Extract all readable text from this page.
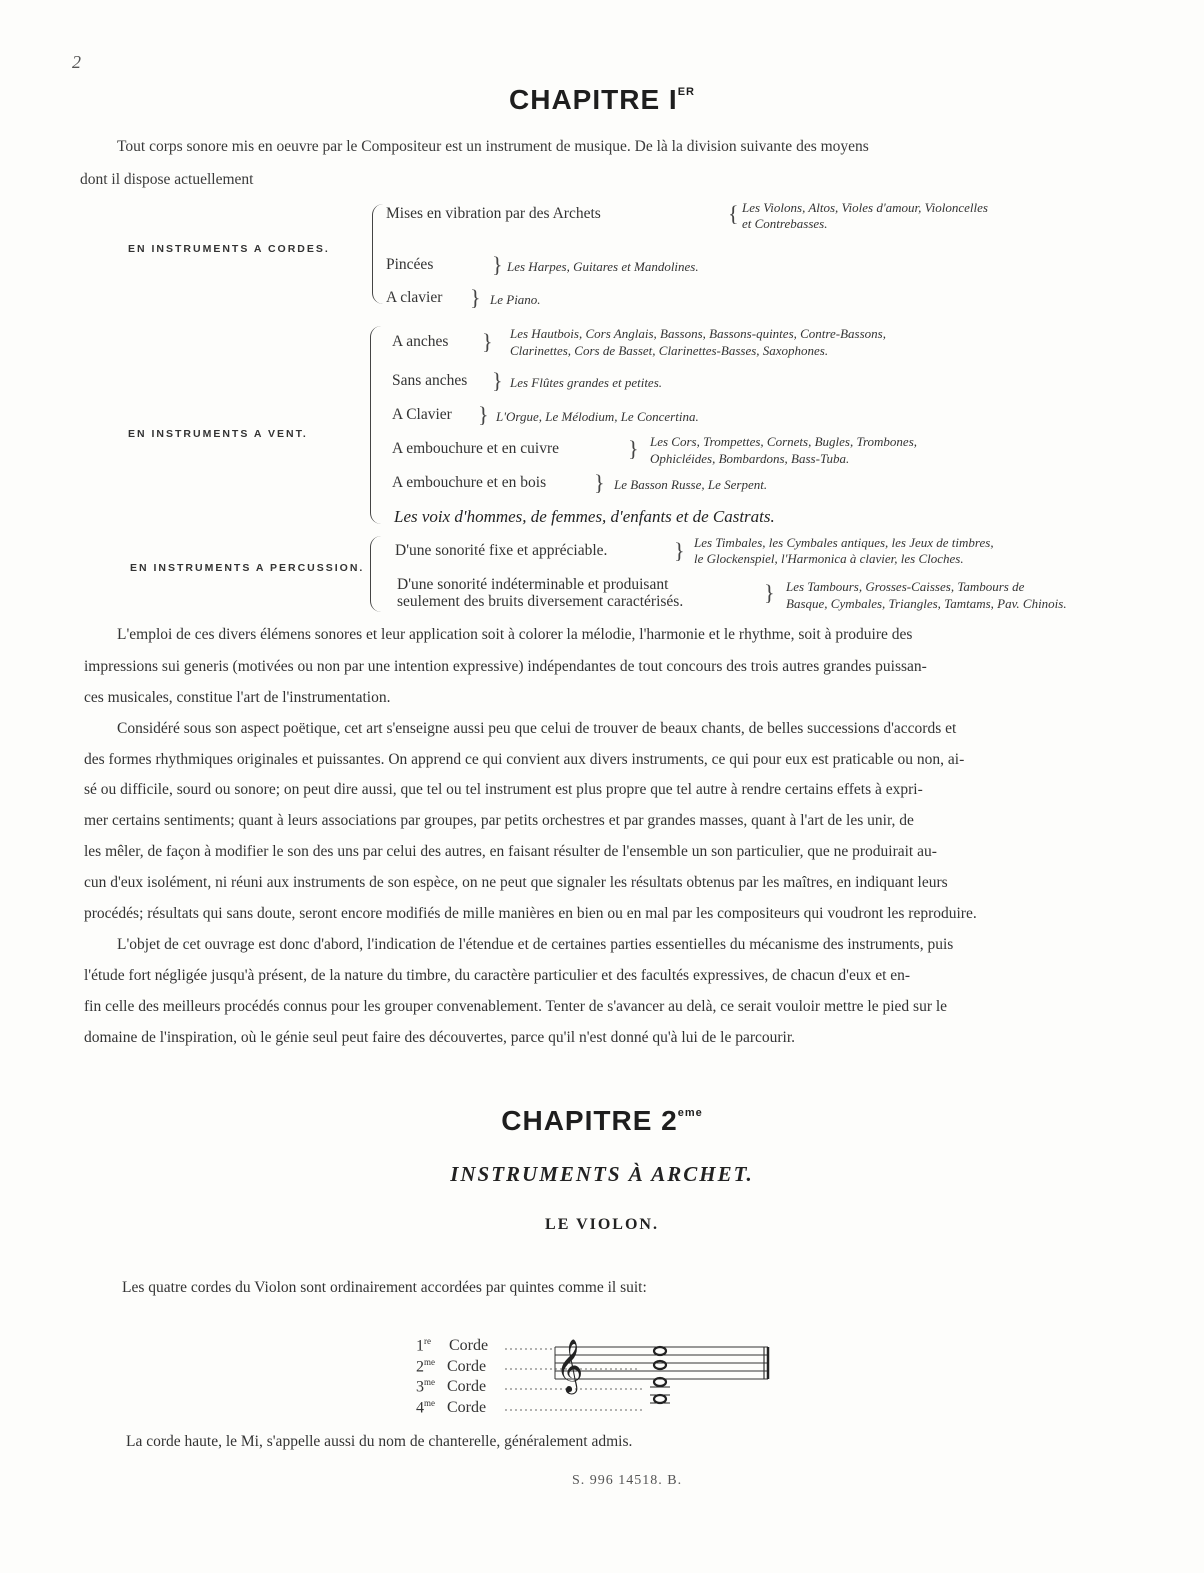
2
CHAPITRE IER
Tout corps sonore mis en oeuvre par le Compositeur est un instrument de musique. De là la division suivante des moyens
dont il dispose actuellement
EN INSTRUMENTS A CORDES.
Mises en vibration par des Archets	{ Les Violons, Altos, Violes d'amour, Violoncelles
et Contrebasses.
Pincées	} Les Harpes, Guitares et Mandolines.
A clavier } Le Piano.
EN INSTRUMENTS A VENT.
A anches } Les Hautbois, Cors Anglais, Bassons, Bassons-quintes, Contre-Bassons,
Clarinettes, Cors de Basset, Clarinettes-Basses, Saxophones.
Sans anches } Les Flûtes grandes et petites.
A Clavier } L'Orgue, Le Mélodium, Le Concertina.
A embouchure et en cuivre	} Les Cors, Trompettes, Cornets, Bugles, Trombones,
Ophicléides, Bombardons, Bass-Tuba.
A embouchure et en bois } Le Basson Russe, Le Serpent.
Les voix d'hommes, de femmes, d'enfants et de Castrats.
EN INSTRUMENTS A PERCUSSION.
D'une sonorité fixe et appréciable.	} Les Timbales, les Cymbales antiques, les Jeux de timbres,
le Glockenspiel, l'Harmonica à clavier, les Cloches.
D'une sonorité indéterminable et produisant
seulement des bruits diversement caractérisés.	} Les Tambours, Grosses-Caisses, Tambours de
Basque, Cymbales, Triangles, Tamtams, Pav. Chinois.
L'emploi de ces divers élémens sonores et leur application soit à colorer la mélodie, l'harmonie et le rhythme, soit à produire des
impressions sui generis (motivées ou non par une intention expressive) indépendantes de tout concours des trois autres grandes puissan-
ces musicales, constitue l'art de l'instrumentation.
Considéré sous son aspect poëtique, cet art s'enseigne aussi peu que celui de trouver de beaux chants, de belles successions d'accords et
des formes rhythmiques originales et puissantes. On apprend ce qui convient aux divers instruments, ce qui pour eux est praticable ou non, ai-
sé ou difficile, sourd ou sonore; on peut dire aussi, que tel ou tel instrument est plus propre que tel autre à rendre certains effets à expri-
mer certains sentiments; quant à leurs associations par groupes, par petits orchestres et par grandes masses, quant à l'art de les unir, de
les mêler, de façon à modifier le son des uns par celui des autres, en faisant résulter de l'ensemble un son particulier, que ne produirait au-
cun d'eux isolément, ni réuni aux instruments de son espèce, on ne peut que signaler les résultats obtenus par les maîtres, en indiquant leurs
procédés; résultats qui sans doute, seront encore modifiés de mille manières en bien ou en mal par les compositeurs qui voudront les reproduire.
L'objet de cet ouvrage est donc d'abord, l'indication de l'étendue et de certaines parties essentielles du mécanisme des instruments, puis
l'étude fort négligée jusqu'à présent, de la nature du timbre, du caractère particulier et des facultés expressives, de chacun d'eux et en-
fin celle des meilleurs procédés connus pour les grouper convenablement. Tenter de s'avancer au delà, ce serait vouloir mettre le pied sur le
domaine de l'inspiration, où le génie seul peut faire des découvertes, parce qu'il n'est donné qu'à lui de le parcourir.
CHAPITRE 2eme
INSTRUMENTS À ARCHET.
LE VIOLON.
Les quatre cordes du Violon sont ordinairement accordées par quintes comme il suit:
1re Corde
$2^{me}$ Corde
$3^{me}$ Corde
$4^{me}$ Corde
𝄞
La corde haute, le Mi, s'appelle aussi du nom de chanterelle, généralement admis.
S. 996 14518. B.
